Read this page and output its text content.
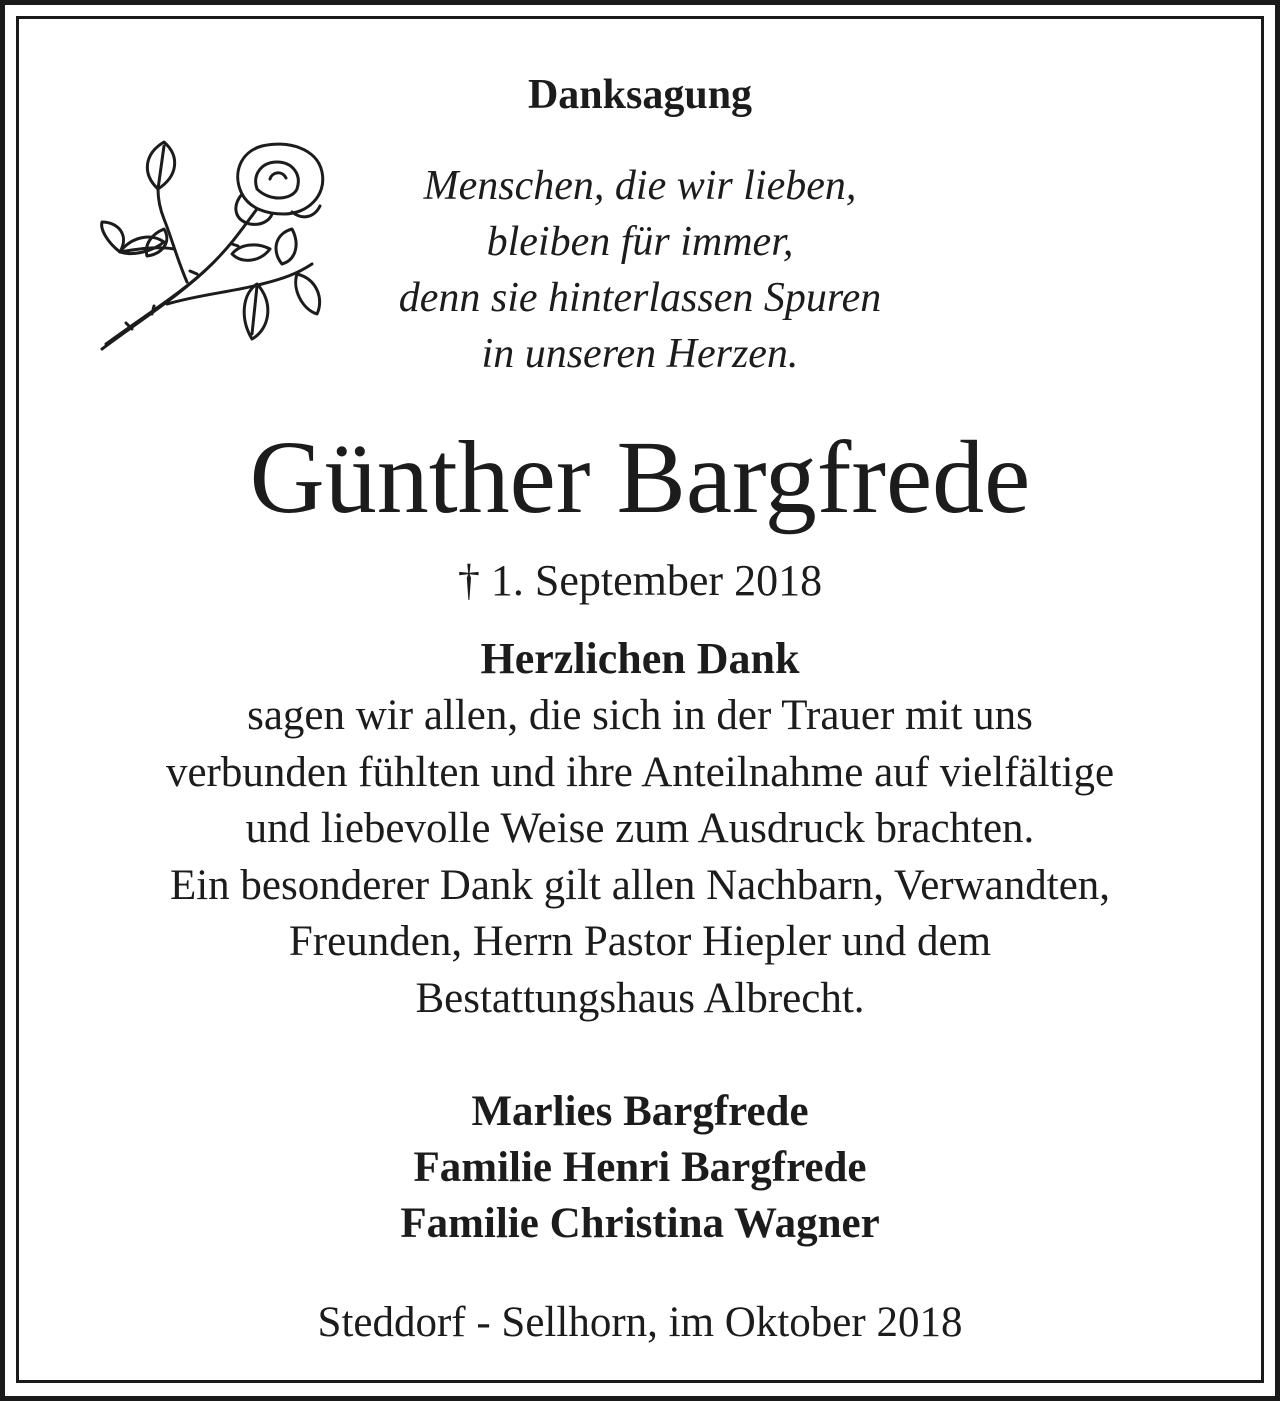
Danksagung
Menschen, die wir lieben,
bleiben für immer,
denn sie hinterlassen Spuren
in unseren Herzen.
Günther Bargfrede
† 1. September 2018
Herzlichen Dank
sagen wir allen, die sich in der Trauer mit uns
verbunden fühlten und ihre Anteilnahme auf vielfältige
und liebevolle Weise zum Ausdruck brachten.
Ein besonderer Dank gilt allen Nachbarn, Verwandten,
Freunden, Herrn Pastor Hiepler und dem
Bestattungshaus Albrecht.
Marlies Bargfrede
Familie Henri Bargfrede
Familie Christina Wagner
Steddorf - Sellhorn, im Oktober 2018
